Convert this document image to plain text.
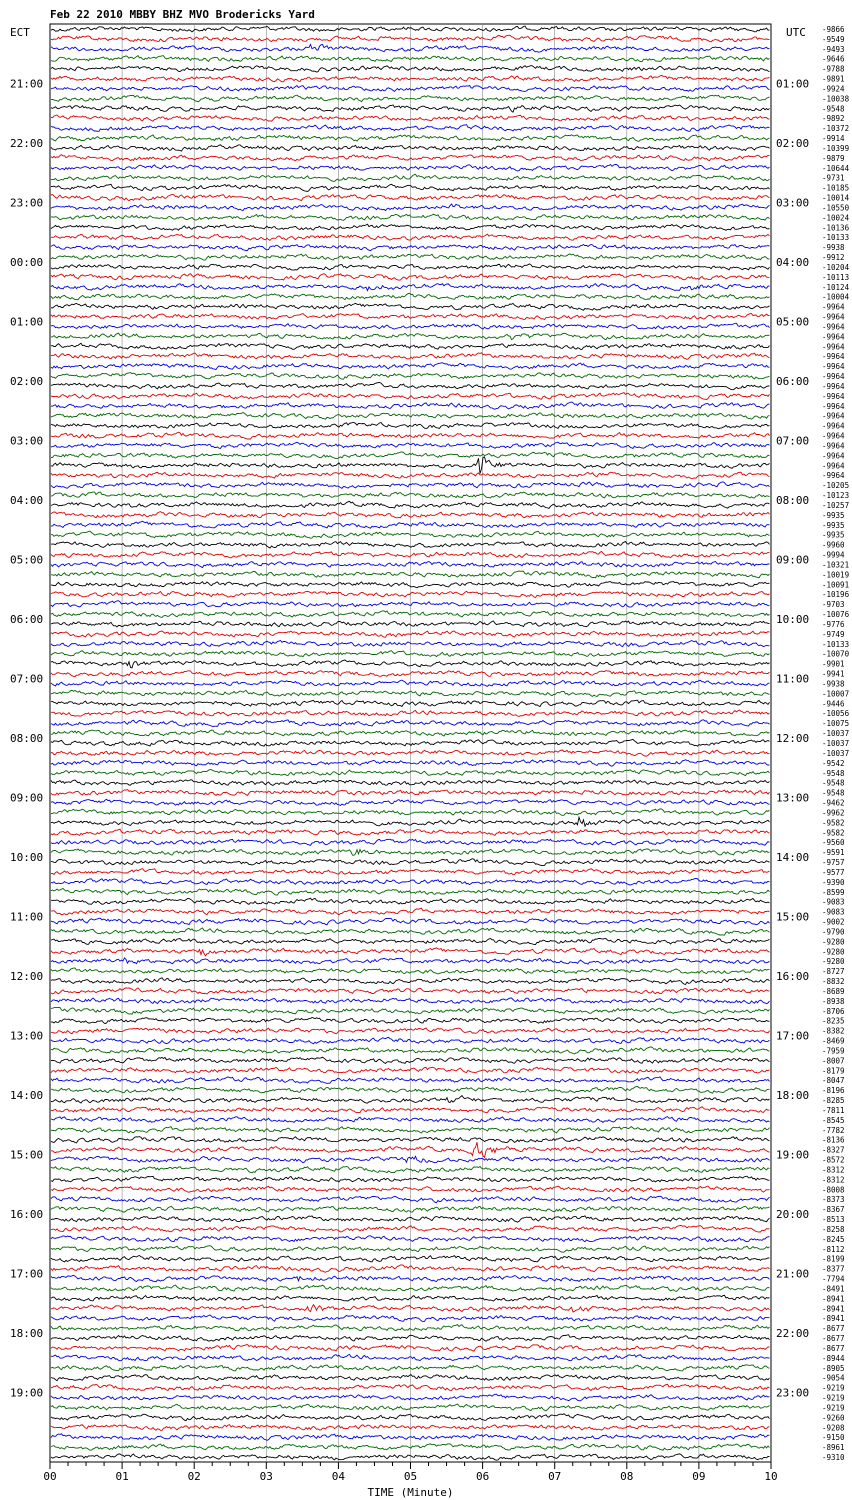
Feb 22 2010 MBBY BHZ MVO Brodericks Yard
ECT	UTC
21:00
22:00
23:00
00:00
01:00
02:00
03:00
04:00
05:00
06:00
07:00
08:00
09:00
10:00
11:00
12:00
13:00
14:00
15:00
16:00
17:00
18:00
19:00
01:00
02:00
03:00
04:00
05:00
06:00
07:00
08:00
09:00
10:00
11:00
12:00
13:00
14:00
15:00
16:00
17:00
18:00
19:00
20:00
21:00
22:00
23:00
-9866
-9549
-9493
-9646
-9788
-9891
-9924
-10038
-9548
-9892
-10372
-9914
-10399
-9879
-10644
-9731
-10185
-10014
-10550
-10024
-10136
-10133
-9938
-9912
-10204
-10113
-10124
-10004
-9964
-9964
-9964
-9964
-9964
-9964
-9964
-9964
-9964
-9964
-9964
-9964
-9964
-9964
-9964
-9964
-9964
-9964
-10205
-10123
-10257
-9935
-9935
-9935
-9960
-9994
-10321
-10019
-10091
-10196
-9703
-10076
-9776
-9749
-10133
-10070
-9901
-9941
-9938
-10007
-9446
-10056
-10075
-10037
-10037
-10037
-9542
-9548
-9548
-9548
-9462
-9962
-9582
-9582
-9560
-9591
-9757
-9577
-9390
-8599
-9083
-9083
-9002
-9790
-9280
-9280
-9280
-8727
-8832
-8689
-8938
-8706
-8235
-8382
-8469
-7959
-8007
-8179
-8047
-8196
-8285
-7811
-8545
-7782
-8136
-8327
-8572
-8312
-8312
-8008
-8373
-8367
-8513
-8258
-8245
-8112
-8199
-8377
-7794
-8491
-8941
-8941
-8941
-8677
-8677
-8677
-8944
-8905
-9054
-9219
-9219
-9219
-9260
-9208
-9150
-8961
-9310
00	01	02	03	04	05	06	07	08	09	10
TIME (Minute)
